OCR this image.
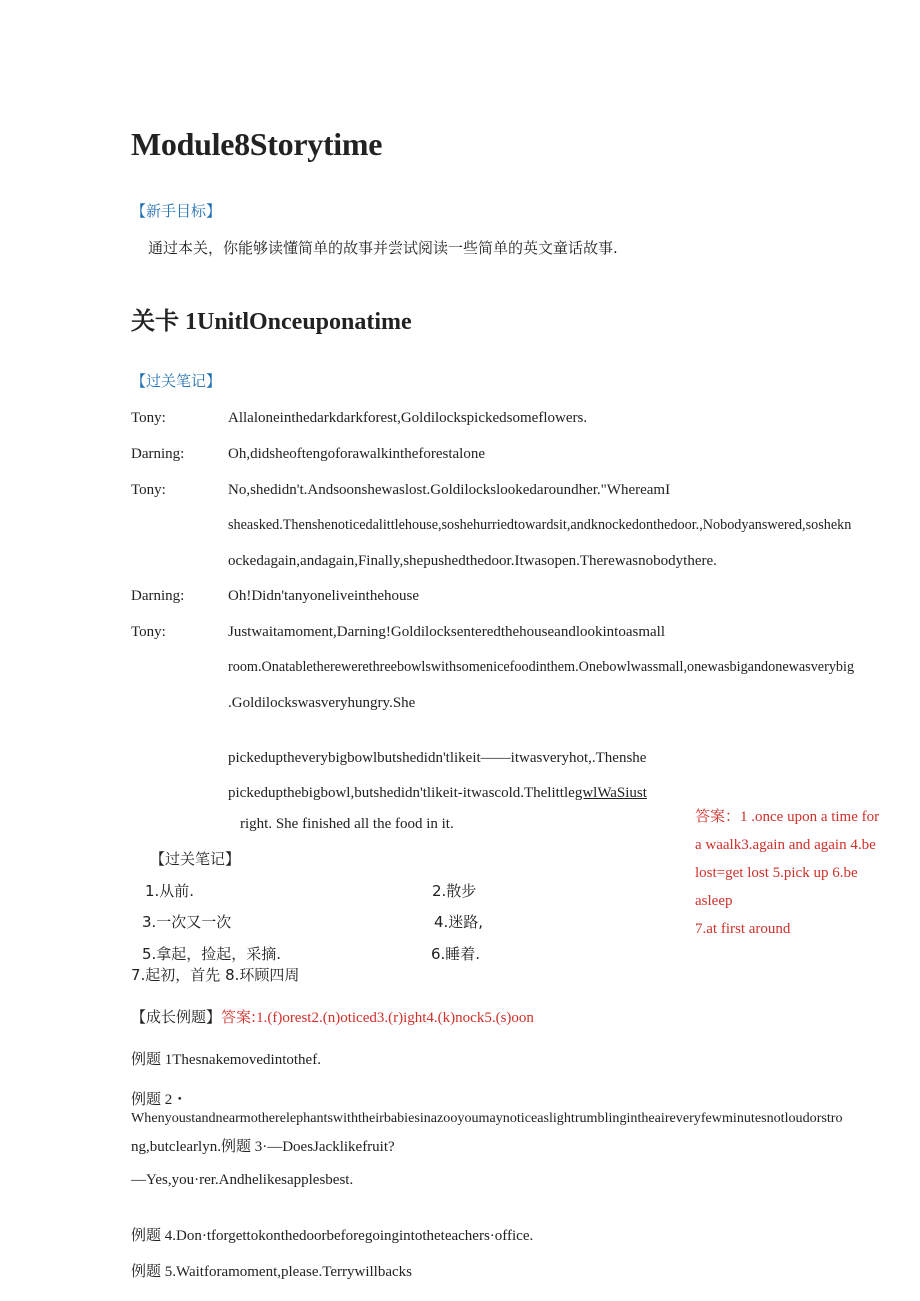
Module8Storytime
【新手目标】
通过本关，你能够读懂简单的故事并尝试阅读一些简单的英文童话故事.
关卡 1UnitlOnceuponatime
【过关笔记】
Tony:	Allaloneinthedarkdarkforest,Goldilockspickedsomeflowers.
Darning:	Oh,didsheoftengoforawalkintheforestalone
Tony:	No,shedidn't.Andsoonshewaslost.Goldilockslookedaroundher."WhereamI
sheasked.Thenshenoticedalittlehouse,soshehurriedtowardsit,andknockedonthedoor.,Nobodyanswered,soshekn
ockedagain,andagain,Finally,shepushedthedoor.Itwasopen.Therewasnobodythere.
Darning:	Oh!Didn'tanyoneliveinthehouse
Tony:	Justwaitamoment,Darning!Goldilocksenteredthehouseandlookintoasmall
room.Onatabletherewerethreebowlswithsomenicefoodinthem.Onebowlwassmall,onewasbigandonewasverybig
.Goldilockswasveryhungry.She
pickeduptheverybigbowlbutshedidn'tlikeit——itwasveryhot,.Thenshe
pickedupthebigbowl,butshedidn'tlikeit-itwascold.ThelittlegwlWaSiust
right. She finished all the food in it.	答案：1 .once upon a time for
a waalk3.again and again 4.be
lost=get lost 5.pick up 6.be
asleep
7.at first around
【过关笔记】
1.从前.	2.散步
3.一次又一次	4.迷路,
5.拿起，捡起，采摘.	6.睡着.
7.起初，首先 8.环顾四周
【成长例题】答案:1.(f)orest2.(n)oticed3.(r)ight4.(k)nock5.(s)oon
例题 1Thesnakemovedintothef.
例题 2・
Whenyoustandnearmotherelephantswiththeirbabiesinazooyoumaynoticeaslightrumblingintheaireveryfewminutesnotloudorstro
ng,butclearlyn.例题 3·—DoesJacklikefruit?
—Yes,you·rer.Andhelikesapplesbest.
例题 4.Don·tforgettokonthedoorbeforegoingintotheteachers·office.
例题 5.Waitforamoment,please.Terrywillbacks
